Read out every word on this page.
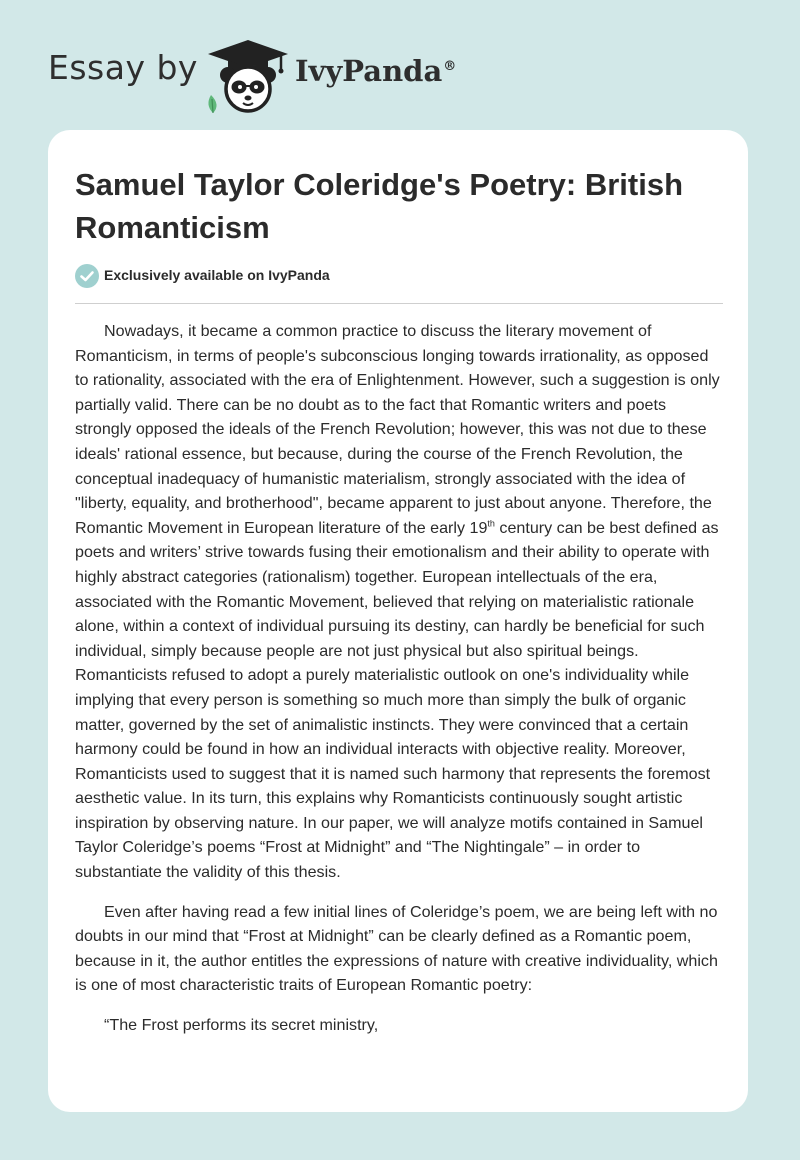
Essay by	IvyPanda®
Samuel Taylor Coleridge's Poetry: British Romanticism
Exclusively available on IvyPanda

Nowadays, it became a common practice to discuss the literary movement of Romanticism, in terms of people's subconscious longing towards irrationality, as opposed to rationality, associated with the era of Enlightenment. However, such a suggestion is only partially valid. There can be no doubt as to the fact that Romantic writers and poets strongly opposed the ideals of the French Revolution; however, this was not due to these ideals' rational essence, but because, during the course of the French Revolution, the conceptual inadequacy of humanistic materialism, strongly associated with the idea of "liberty, equality, and brotherhood", became apparent to just about anyone. Therefore, the Romantic Movement in European literature of the early 19th century can be best defined as poets and writers’ strive towards fusing their emotionalism and their ability to operate with highly abstract categories (rationalism) together. European intellectuals of the era, associated with the Romantic Movement, believed that relying on materialistic rationale alone, within a context of individual pursuing its destiny, can hardly be beneficial for such individual, simply because people are not just physical but also spiritual beings. Romanticists refused to adopt a purely materialistic outlook on one's individuality while implying that every person is something so much more than simply the bulk of organic matter, governed by the set of animalistic instincts. They were convinced that a certain harmony could be found in how an individual interacts with objective reality. Moreover, Romanticists used to suggest that it is named such harmony that represents the foremost aesthetic value. In its turn, this explains why Romanticists continuously sought artistic inspiration by observing nature. In our paper, we will analyze motifs contained in Samuel Taylor Coleridge’s poems “Frost at Midnight” and “The Nightingale” – in order to substantiate the validity of this thesis.

Even after having read a few initial lines of Coleridge’s poem, we are being left with no doubts in our mind that “Frost at Midnight” can be clearly defined as a Romantic poem, because in it, the author entitles the expressions of nature with creative individuality, which is one of most characteristic traits of European Romantic poetry:

“The Frost performs its secret ministry,
